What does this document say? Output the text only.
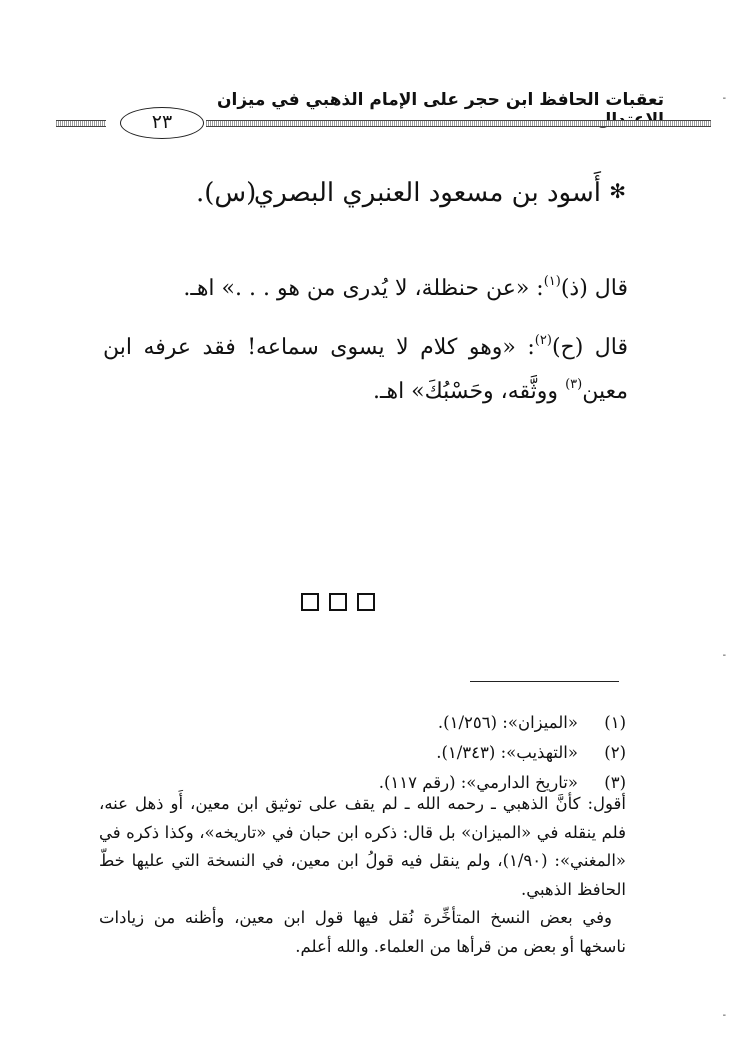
تعقبات الحافظ ابن حجر على الإمام الذهبي في ميزان
٢٣
-
-
-
✻ أَسود بن مسعود العنبري البصري
(س).
قال (ذ)$^{(١)}$: «عن حنظلة، لا يُدرى من هو . . .» اهـ.
قال (ح)$^{(٢)}$: «وهو كلام لا يسوى سماعه! فقد عرفه ابن معين$^{(٣)}$ ووثَّقه، وحَسْبُكَ» اهـ.
(١)
«الميزان»: (١/٢٥٦).
(٢)
«التهذيب»: (١/٣٤٣).
(٣)
«تاريخ الدارمي»: (رقم ١١٧).

أقول: كأنَّ الذهبي ـ رحمه الله ـ لم يقف على توثيق ابن معين، أَو ذهل عنه، فلم ينقله في «الميزان» بل قال: ذكره ابن حبان في «تاريخه»، وكذا ذكره في «المغني»: (١/٩٠)، ولم ينقل فيه قولُ ابن معين، في النسخة التي عليها خطّ الحافظ الذهبي.

وفي بعض النسخ المتأخِّرة نُقل فيها قول ابن معين، وأظنه من زيادات ناسخها أو بعض من قرأها من العلماء. والله أعلم.
